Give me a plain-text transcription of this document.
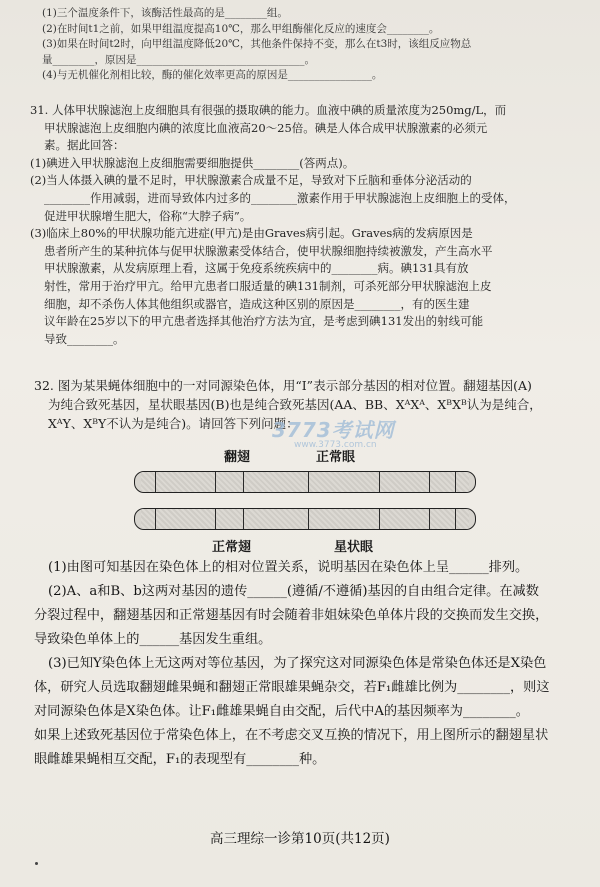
(1)三个温度条件下，该酶活性最高的是________组。
(2)在时间t1之前，如果甲组温度提高10℃，那么甲组酶催化反应的速度会________。
(3)如果在时间t2时，向甲组温度降低20℃，其他条件保持不变，那么在t3时，该组反应物总
量________，原因是________________________________。
(4)与无机催化剂相比较，酶的催化效率更高的原因是________________。
31. 人体甲状腺滤泡上皮细胞具有很强的摄取碘的能力。血液中碘的质量浓度为250mg/L，而
甲状腺滤泡上皮细胞内碘的浓度比血液高20～25倍。碘是人体合成甲状腺激素的必须元
素。据此回答：
(1)碘进入甲状腺滤泡上皮细胞需要细胞提供________(答两点)。
(2)当人体摄入碘的量不足时，甲状腺激素合成量不足，导致对下丘脑和垂体分泌活动的
________作用减弱，进而导致体内过多的________激素作用于甲状腺滤泡上皮细胞上的受体，
促进甲状腺增生肥大，俗称“大脖子病”。
(3)临床上80%的甲状腺功能亢进症(甲亢)是由Graves病引起。Graves病的发病原因是
患者所产生的某种抗体与促甲状腺激素受体结合，使甲状腺细胞持续被激发，产生高水平
甲状腺激素，从发病原理上看，这属于免疫系统疾病中的________病。碘131具有放
射性，常用于治疗甲亢。给甲亢患者口服适量的碘131制剂，可杀死部分甲状腺滤泡上皮
细胞，却不杀伤人体其他组织或器官，造成这种区别的原因是________，有的医生建
议年龄在25岁以下的甲亢患者选择其他治疗方法为宜，是考虑到碘131发出的射线可能
导致________。
32. 图为某果蝇体细胞中的一对同源染色体，用“Ⅰ”表示部分基因的相对位置。翻翅基因(A)
为纯合致死基因，星状眼基因(B)也是纯合致死基因(AA、BB、XᴬXᴬ、XᴮXᴮ认为是纯合，
XᴬY、XᴮY不认为是纯合)。请回答下列问题：
3773考试网
www.3773.com.cn
翻翅	正常眼
正常翅	星状眼
(1)由图可知基因在染色体上的相对位置关系，说明基因在染色体上呈______排列。
(2)A、a和B、b这两对基因的遗传______(遵循/不遵循)基因的自由组合定律。在减数
分裂过程中，翻翅基因和正常翅基因有时会随着非姐妹染色单体片段的交换而发生交换，
导致染色单体上的______基因发生重组。
(3)已知Y染色体上无这两对等位基因，为了探究这对同源染色体是常染色体还是X染色
体，研究人员选取翻翅雌果蝇和翻翅正常眼雄果蝇杂交，若F₁雌雄比例为________，则这
对同源染色体是X染色体。让F₁雌雄果蝇自由交配，后代中A的基因频率为________。
如果上述致死基因位于常染色体上，在不考虑交叉互换的情况下，用上图所示的翻翅星状
眼雌雄果蝇相互交配，F₁的表现型有________种。
高三理综一诊第10页(共12页)
